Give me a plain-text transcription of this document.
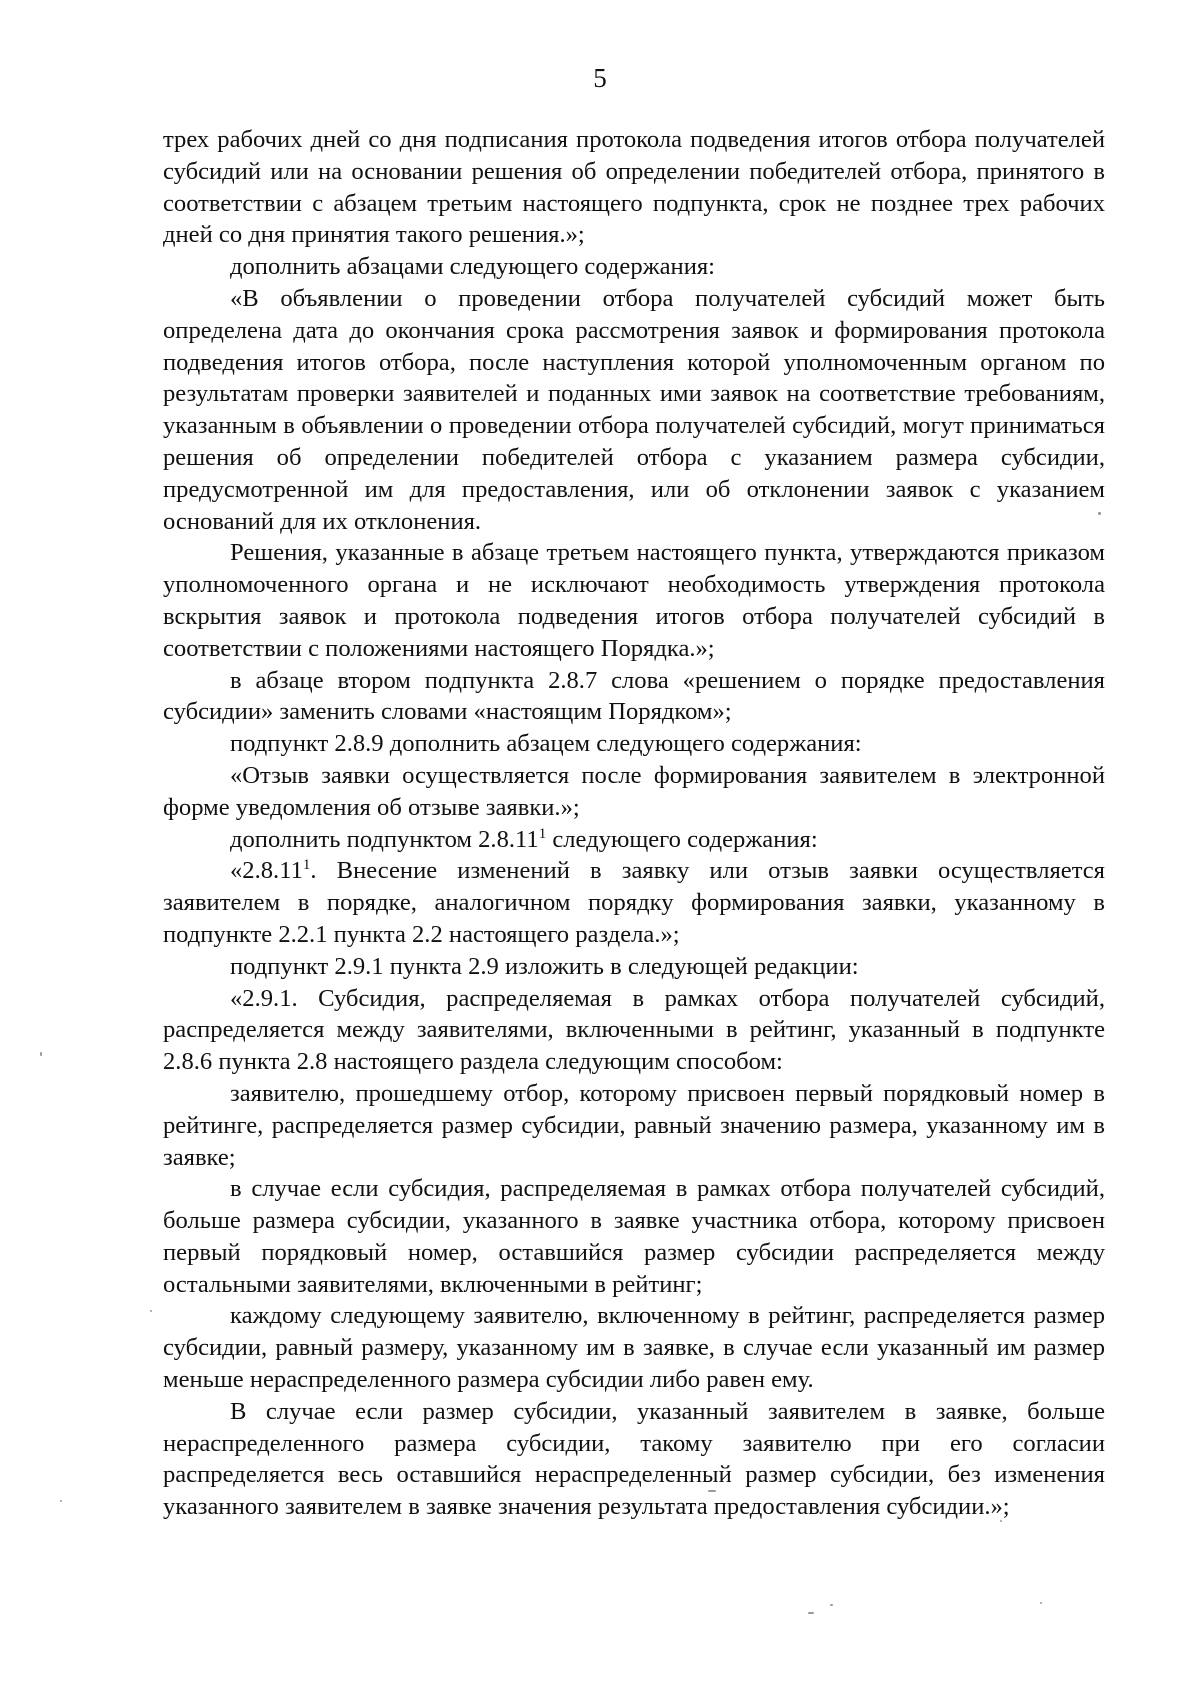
5

трех рабочих дней со дня подписания протокола подведения итогов отбора получателей субсидий или на основании решения об определении победителей отбора, принятого в соответствии с абзацем третьим настоящего подпункта, срок не позднее трех рабочих дней со дня принятия такого решения.»;

дополнить абзацами следующего содержания:

«В объявлении о проведении отбора получателей субсидий может быть определена дата до окончания срока рассмотрения заявок и формирования протокола подведения итогов отбора, после наступления которой уполномоченным органом по результатам проверки заявителей и поданных ими заявок на соответствие требованиям, указанным в объявлении о проведении отбора получателей субсидий, могут приниматься решения об определении победителей отбора с указанием размера субсидии, предусмотренной им для предоставления, или об отклонении заявок с указанием оснований для их отклонения.

Решения, указанные в абзаце третьем настоящего пункта, утверждаются приказом уполномоченного органа и не исключают необходимость утверждения протокола вскрытия заявок и протокола подведения итогов отбора получателей субсидий в соответствии с положениями настоящего Порядка.»;

в абзаце втором подпункта 2.8.7 слова «решением о порядке предоставления субсидии» заменить словами «настоящим Порядком»;

подпункт 2.8.9 дополнить абзацем следующего содержания:

«Отзыв заявки осуществляется после формирования заявителем в электронной форме уведомления об отзыве заявки.»;

дополнить подпунктом 2.8.11$^1$ следующего содержания:

«2.8.11$^1$. Внесение изменений в заявку или отзыв заявки осуществляется заявителем в порядке, аналогичном порядку формирования заявки, указанному в подпункте 2.2.1 пункта 2.2 настоящего раздела.»;

подпункт 2.9.1 пункта 2.9 изложить в следующей редакции:

«2.9.1. Субсидия, распределяемая в рамках отбора получателей субсидий, распределяется между заявителями, включенными в рейтинг, указанный в подпункте 2.8.6 пункта 2.8 настоящего раздела следующим способом:

заявителю, прошедшему отбор, которому присвоен первый порядковый номер в рейтинге, распределяется размер субсидии, равный значению размера, указанному им в заявке;

в случае если субсидия, распределяемая в рамках отбора получателей субсидий, больше размера субсидии, указанного в заявке участника отбора, которому присвоен первый порядковый номер, оставшийся размер субсидии распределяется между остальными заявителями, включенными в рейтинг;

каждому следующему заявителю, включенному в рейтинг, распределяется размер субсидии, равный размеру, указанному им в заявке, в случае если указанный им размер меньше нераспределенного размера субсидии либо равен ему.

В случае если размер субсидии, указанный заявителем в заявке, больше нераспределенного размера субсидии, такому заявителю при его согласии распределяется весь оставшийся нераспределенный размер субсидии, без изменения указанного заявителем в заявке значения результата предоставления субсидии.»;
